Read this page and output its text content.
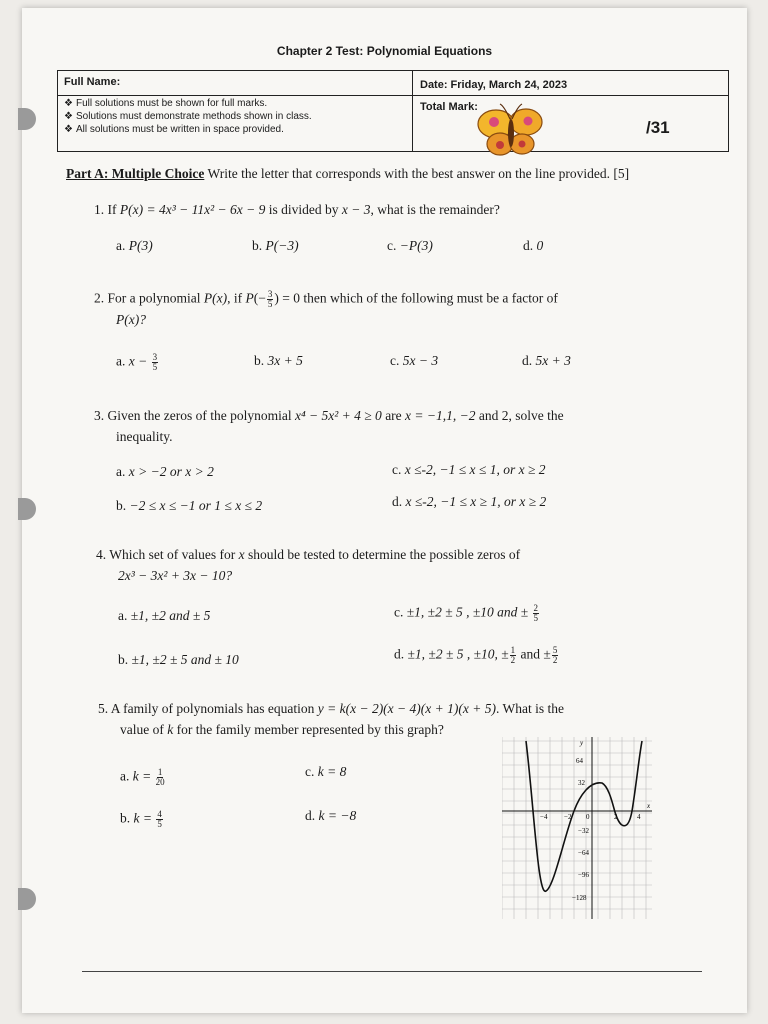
Chapter 2 Test: Polynomial Equations
Full Name:	Date: Friday, March 24, 2023
Total Mark:
/31
❖ Full solutions must be shown for full marks.
❖ Solutions must demonstrate methods shown in class.
❖ All solutions must be written in space provided.
Part A: Multiple Choice Write the letter that corresponds with the best answer on the line provided. [5]
1. If P(x) = 4x³ − 11x² − 6x − 9 is divided by x − 3, what is the remainder?
a. P(3)	b. P(−3)	c. −P(3)	d. 0
2. For a polynomial P(x), if $P(- \frac{3}{5}$ ) = 0 then which of the following must be a factor of
P(x)?
a. $x - \frac{3}{5}$	b. 3x + 5	c. 5x − 3	d. 5x + 3
3. Given the zeros of the polynomial x⁴ − 5x² + 4 ≥ 0 are x = −1,1, −2 and 2, solve the
inequality.
a. x > −2 or x > 2	c. x ≤-2, −1 ≤ x ≤ 1, or x ≥ 2
b. −2 ≤ x ≤ −1 or 1 ≤ x ≤ 2	d. x ≤-2, −1 ≤ x ≥ 1, or x ≥ 2
4. Which set of values for x should be tested to determine the possible zeros of
2x³ − 3x² + 3x − 10?
a. ±1, ±2 and ± 5	c. ±1, ±2 ± 5 , ±10 and ± $\frac{2}{5}$
b. ±1, ±2 ± 5 and ± 10	d. ±1, ±2 ± 5 , ±10, ± $\frac{1}{2}$ and ± $\frac{5}{2}$
5. A family of polynomials has equation y = k(x − 2)(x − 4)(x + 1)(x + 5). What is the
value of k for the family member represented by this graph?
a. $k = \frac{1}{20}$	c. k = 8
b. $k = \frac{4}{5}$	d. k = −8
y
x
64
32
−32
−64
−96
−128
−4 −2 0	2	4
